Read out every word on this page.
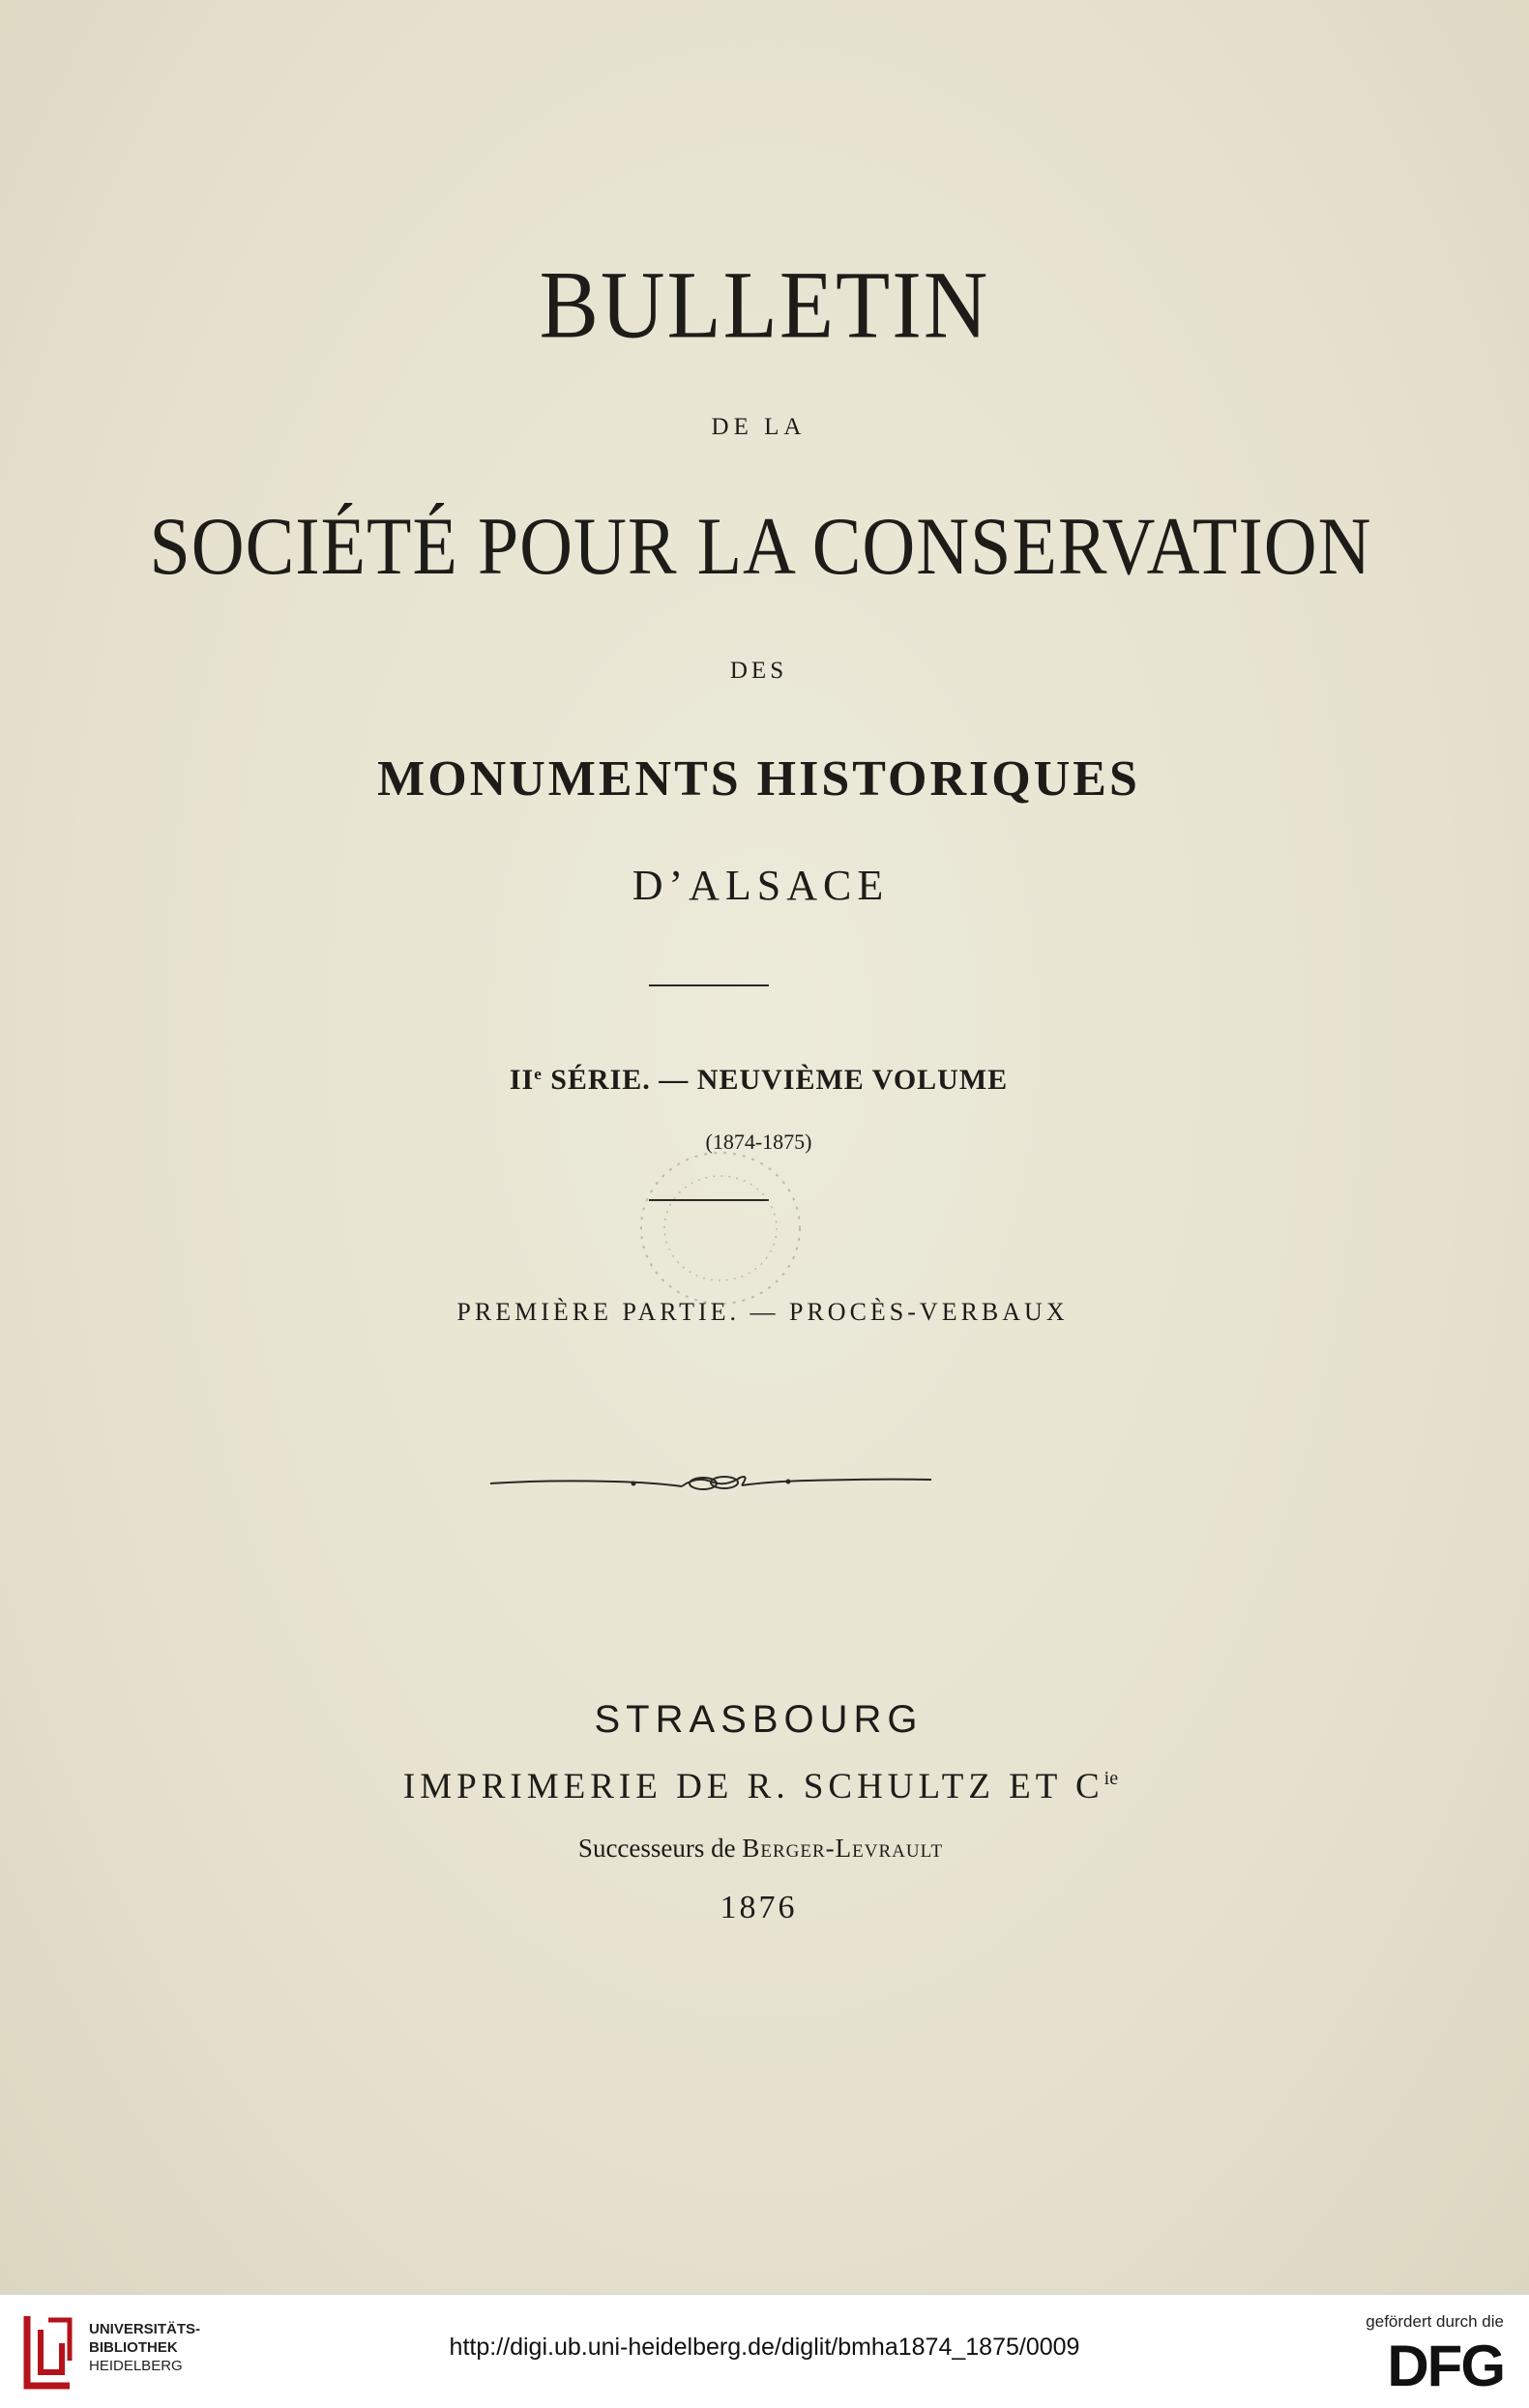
BULLETIN
DE LA
SOCIÉTÉ POUR LA CONSERVATION
DES
MONUMENTS HISTORIQUES
D’ALSACE
IIe SÉRIE. — NEUVIÈME VOLUME
(1874-1875)
PREMIÈRE PARTIE. — PROCÈS-VERBAUX
STRASBOURG
IMPRIMERIE DE R. SCHULTZ ET $C^{ie}$
Successeurs de Berger-Levrault
1876
UNIVERSITÄTS-
BIBLIOTHEK
HEIDELBERG
http://digi.ub.uni-heidelberg.de/diglit/bmha1874_1875/0009
gefördert durch die
DFG
